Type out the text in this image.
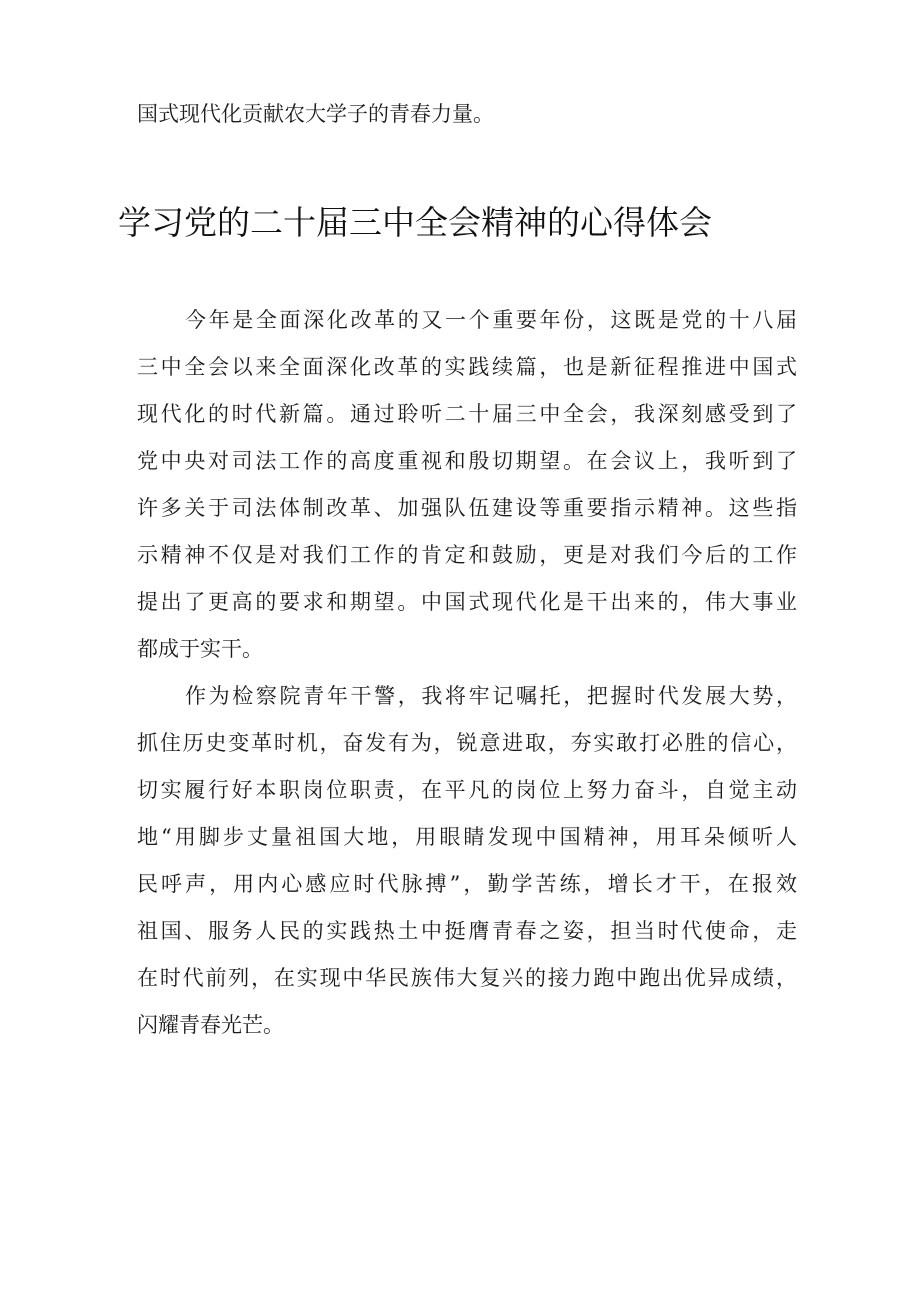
国式现代化贡献农大学子的青春力量。
学习党的二十届三中全会精神的心得体会
今年是全面深化改革的又一个重要年份，这既是党的十八届
三中全会以来全面深化改革的实践续篇，也是新征程推进中国式
现代化的时代新篇。通过聆听二十届三中全会，我深刻感受到了
党中央对司法工作的高度重视和殷切期望。在会议上，我听到了
许多关于司法体制改革、加强队伍建设等重要指示精神。这些指
示精神不仅是对我们工作的肯定和鼓励，更是对我们今后的工作
提出了更高的要求和期望。中国式现代化是干出来的，伟大事业
都成于实干。
作为检察院青年干警，我将牢记嘱托，把握时代发展大势，
抓住历史变革时机，奋发有为，锐意进取，夯实敢打必胜的信心，
切实履行好本职岗位职责，在平凡的岗位上努力奋斗，自觉主动
地“用脚步丈量祖国大地，用眼睛发现中国精神，用耳朵倾听人
民呼声，用内心感应时代脉搏”，勤学苦练，增长才干，在报效
祖国、服务人民的实践热土中挺膺青春之姿，担当时代使命，走
在时代前列，在实现中华民族伟大复兴的接力跑中跑出优异成绩，
闪耀青春光芒。
